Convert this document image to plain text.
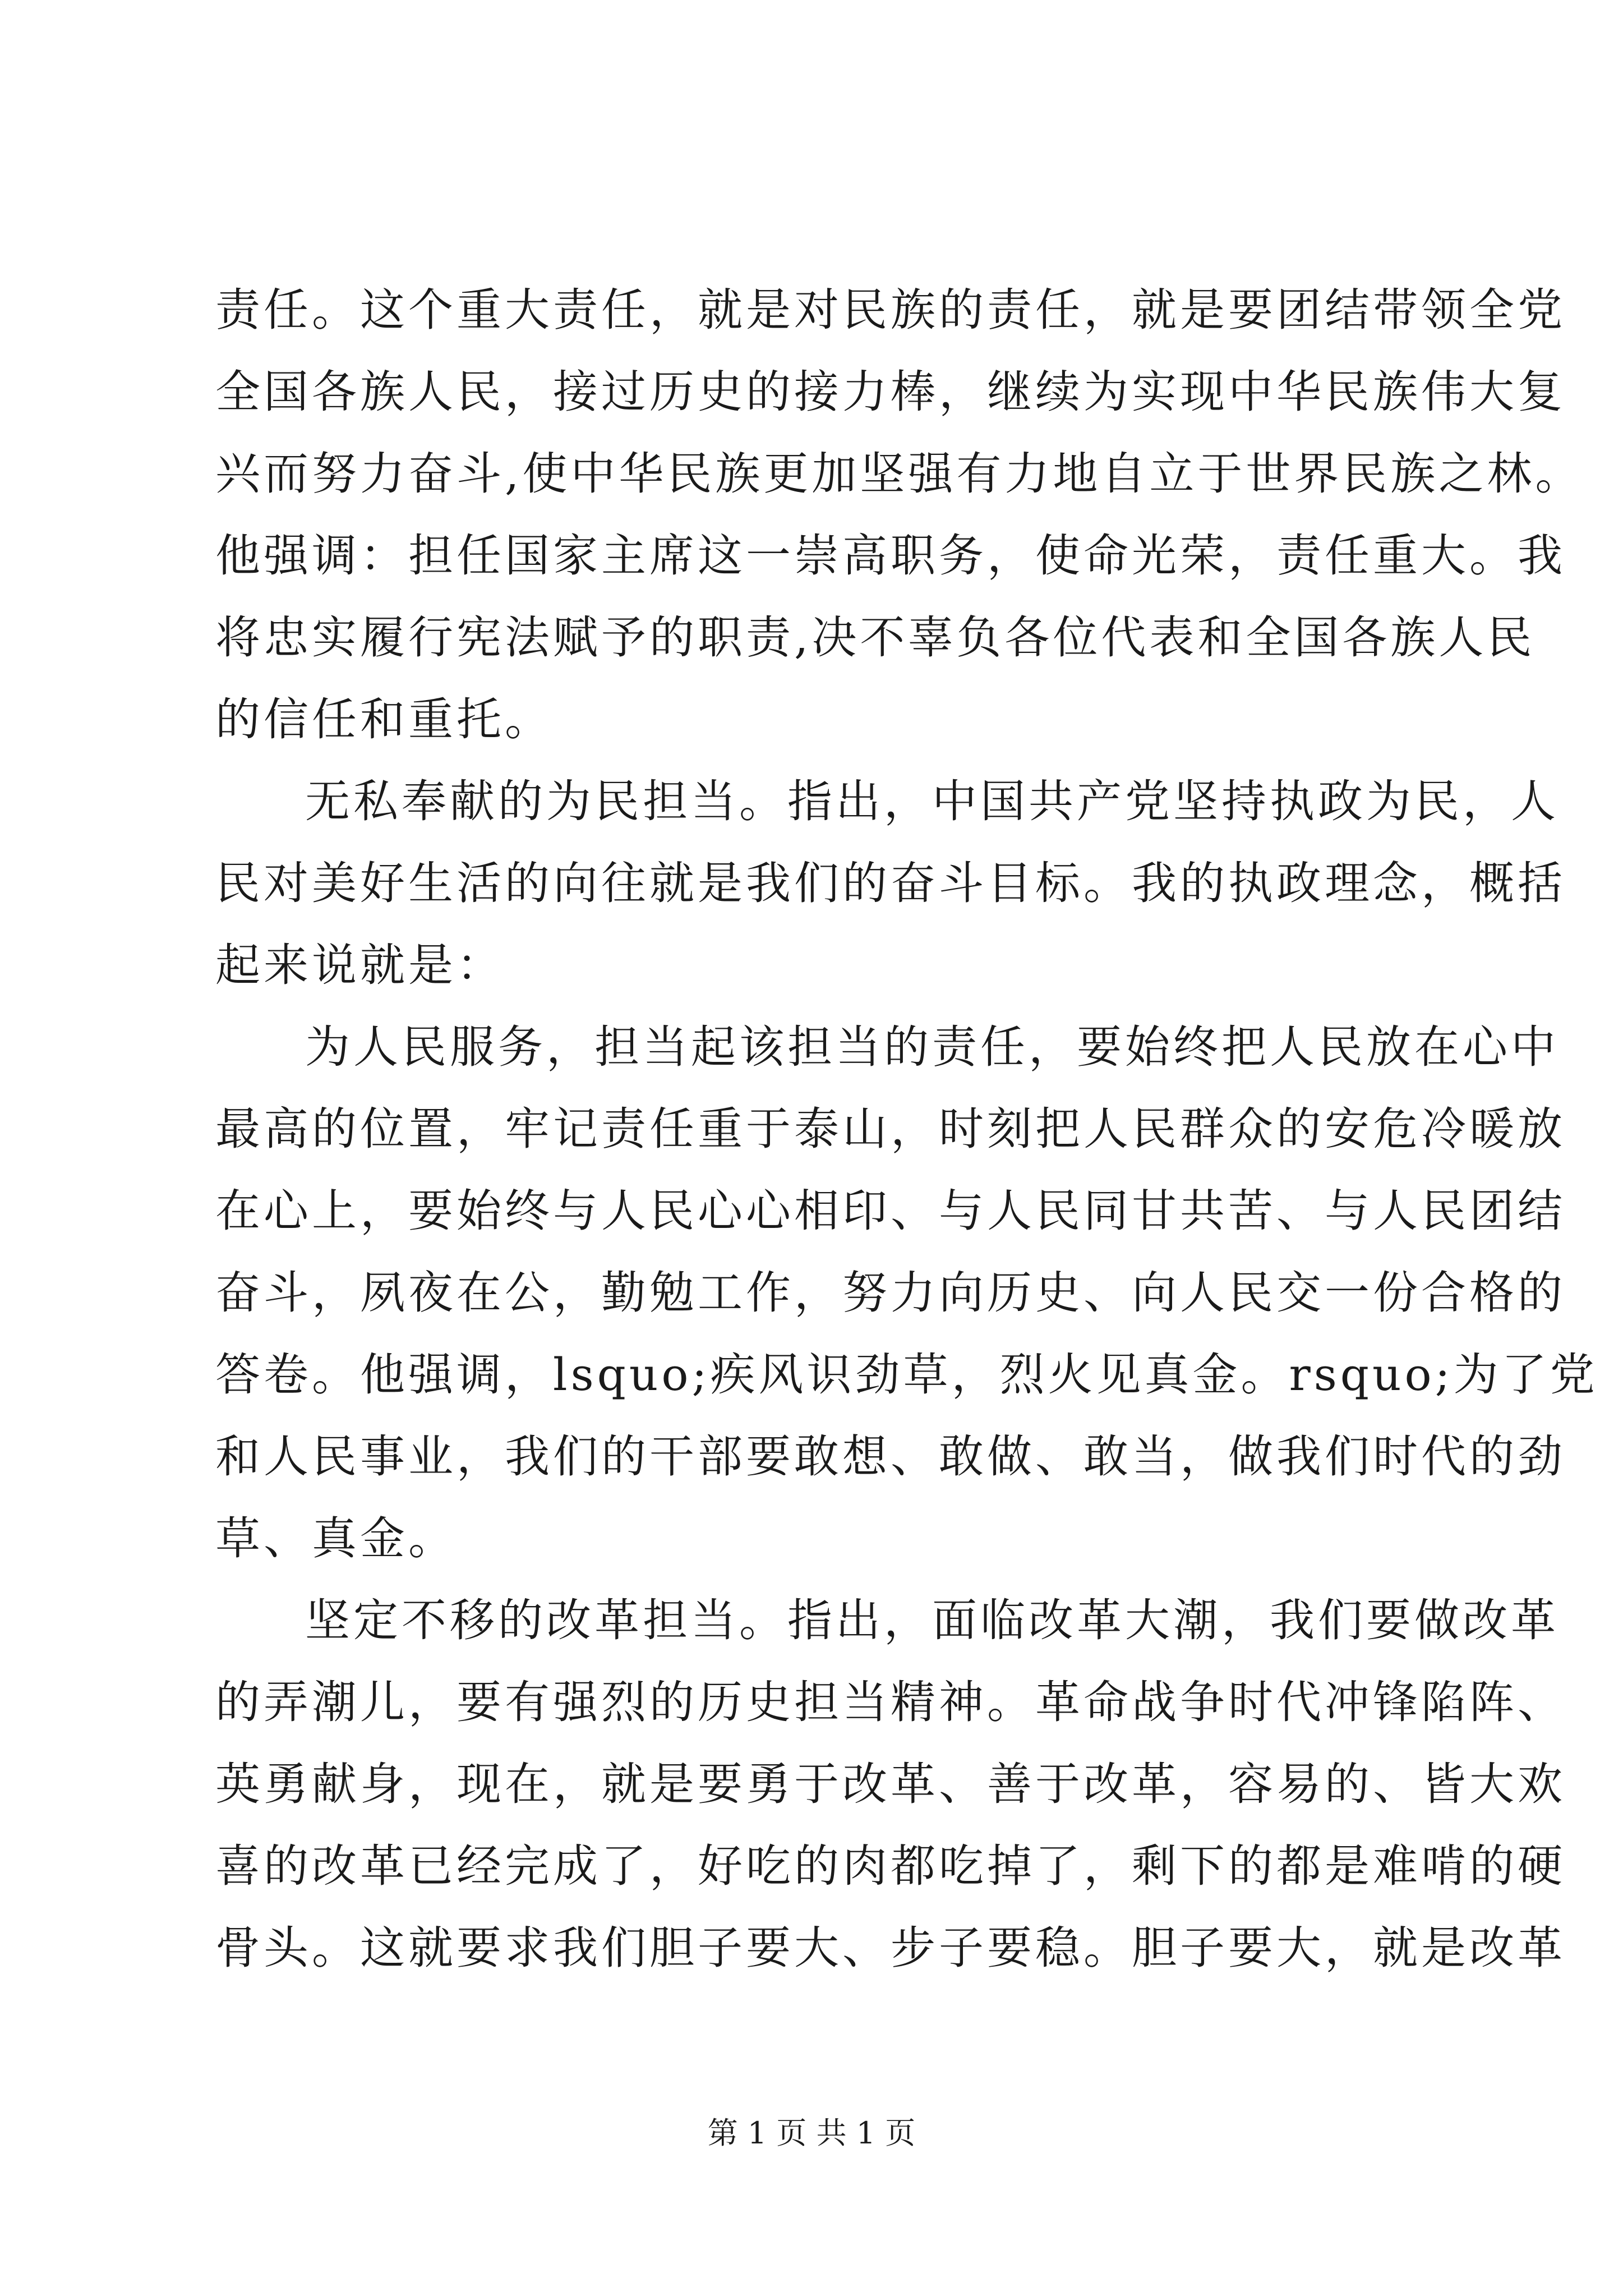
责任。这个重大责任，就是对民族的责任，就是要团结带领全党
全国各族人民，接过历史的接力棒，继续为实现中华民族伟大复
兴而努力奋斗,使中华民族更加坚强有力地自立于世界民族之林。
他强调：担任国家主席这一崇高职务，使命光荣，责任重大。我
将忠实履行宪法赋予的职责,决不辜负各位代表和全国各族人民
的信任和重托。
无私奉献的为民担当。指出，中国共产党坚持执政为民，人
民对美好生活的向往就是我们的奋斗目标。我的执政理念，概括
起来说就是：
为人民服务，担当起该担当的责任，要始终把人民放在心中
最高的位置，牢记责任重于泰山，时刻把人民群众的安危冷暖放
在心上，要始终与人民心心相印、与人民同甘共苦、与人民团结
奋斗，夙夜在公，勤勉工作，努力向历史、向人民交一份合格的
答卷。他强调，lsquo;疾风识劲草，烈火见真金。rsquo;为了党
和人民事业，我们的干部要敢想、敢做、敢当，做我们时代的劲
草、真金。
坚定不移的改革担当。指出，面临改革大潮，我们要做改革
的弄潮儿，要有强烈的历史担当精神。革命战争时代冲锋陷阵、
英勇献身，现在，就是要勇于改革、善于改革，容易的、皆大欢
喜的改革已经完成了，好吃的肉都吃掉了，剩下的都是难啃的硬
骨头。这就要求我们胆子要大、步子要稳。胆子要大，就是改革
第 1 页 共 1 页
